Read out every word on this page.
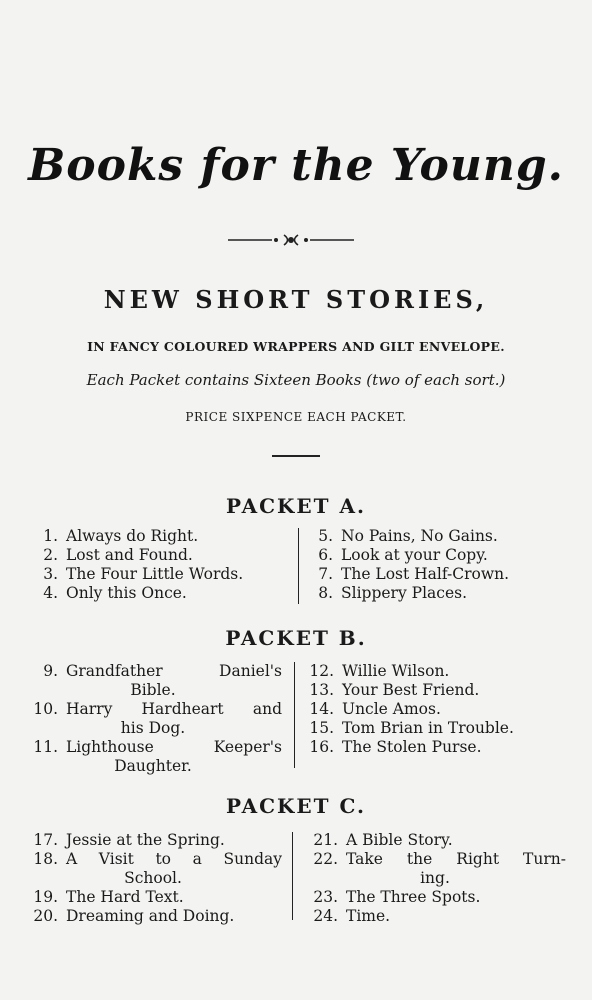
Books for the Young.
NEW SHORT STORIES,
IN FANCY COLOURED WRAPPERS AND GILT ENVELOPE.
Each Packet contains Sixteen Books (two of each sort.)
PRICE SIXPENCE EACH PACKET.
PACKET A.
1. Always do Right.
2. Lost and Found.
3. The Four Little Words.
4. Only this Once.
5. No Pains, No Gains.
6. Look at your Copy.
7. The Lost Half-Crown.
8. Slippery Places.
PACKET B.
9. Grandfather Daniel's
Bible.
10. Harry Hardheart and
his Dog.
11. Lighthouse Keeper's
Daughter.
12. Willie Wilson.
13. Your Best Friend.
14. Uncle Amos.
15. Tom Brian in Trouble.
16. The Stolen Purse.
PACKET C.
17. Jessie at the Spring.
18. A Visit to a Sunday
School.
19. The Hard Text.
20. Dreaming and Doing.
21. A Bible Story.
22. Take the Right Turn-
ing.
23. The Three Spots.
24. Time.
